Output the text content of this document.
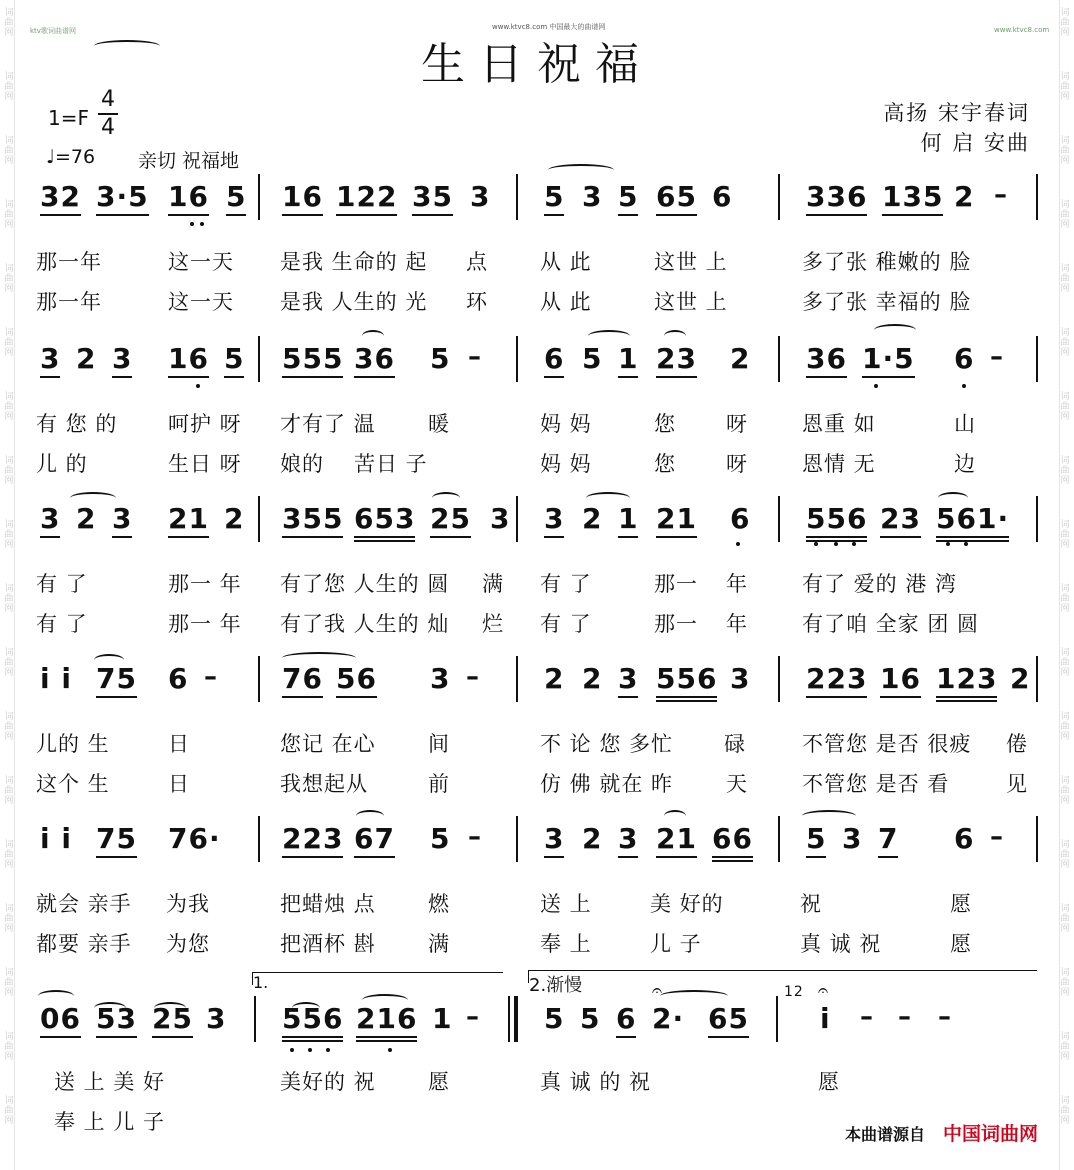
词
曲
网
词
曲
网
词
曲
网
词
曲
网
词
曲
网
词
曲
网
词
曲
网
词
曲
网
词
曲
网
词
曲
网
词
曲
网
词
曲
网
词
曲
网
词
曲
网
词
曲
网
词
曲
网
词
曲
网
词
曲
网
词
曲
网
词
曲
网
词
曲
网
词
曲
网
词
曲
网
词
曲
网
词
曲
网
词
曲
网
词
曲
网
词
曲
网
词
曲
网
词
曲
网
词
曲
网
词
曲
网
词
曲
网
词
曲
网
词
曲
网
词
曲
网
ktv歌词曲谱网	www.ktvc8.com 中国最大的曲谱网	www.ktvc8.com
生日祝福
1=F
4
4
♩=76 亲切 祝福地
高扬 宋宇春词
何 启 安曲
32 3·5 16 5 16 122 35 3 5 3 5 65 6	336 135 2
那一年	这一天 是我 生命的 起 点 从 此	这世 上	多了张 稚嫩的 脸
那一年	这一天 是我 人生的 光 环 从 此	这世 上	多了张 幸福的 脸
–
3 2 3 16 5 555 36 5	6 5 1 23 2 36 1·5 6
有 您 的 呵护 呀 才有了 温 暖	妈 妈	您 呀	恩重 如	山
儿 的	生日 呀 娘的 苦日 子	妈 妈	您 呀	恩情 无	边
–	–
3 2 3 21 2 355 653 25 3 3 2 1 21 6 556 23 561·
有 了	那一 年 有了您 人生的 圆 满 有 了	那一 年	有了 爱的 港 湾
有 了	那一 年 有了我 人生的 灿 烂 有 了	那一 年	有了咱 全家 团 圆
i i 75 6	76 56 3	2 2 3 556 3 223 16 123 2
儿的 生	日	您记 在心 间	不 论 您 多忙 碌	不管您 是否 很疲 倦
这个 生	日	我想起从	前	仿 佛 就在 昨	天	不管您 是否 看	见
–	–
i i 75 76· 223 67 5	3 2 3 21 66 5 3 7 6
就会 亲手 为我	把蜡烛 点 燃	送 上	美 好的	祝	愿
都要 亲手 为您	把酒杯 斟 满	奉 上	儿 子	真 诚 祝	愿
–	–
06 53 25 3 556 216 1	5 5 6 2· 65	i
送 上 美 好	美好的 祝 愿	真 诚 的 祝	愿
奉 上 儿 子
–	– – –
1.	2.渐慢	12 𝄐
𝄐
本曲谱源自 中国词曲网
